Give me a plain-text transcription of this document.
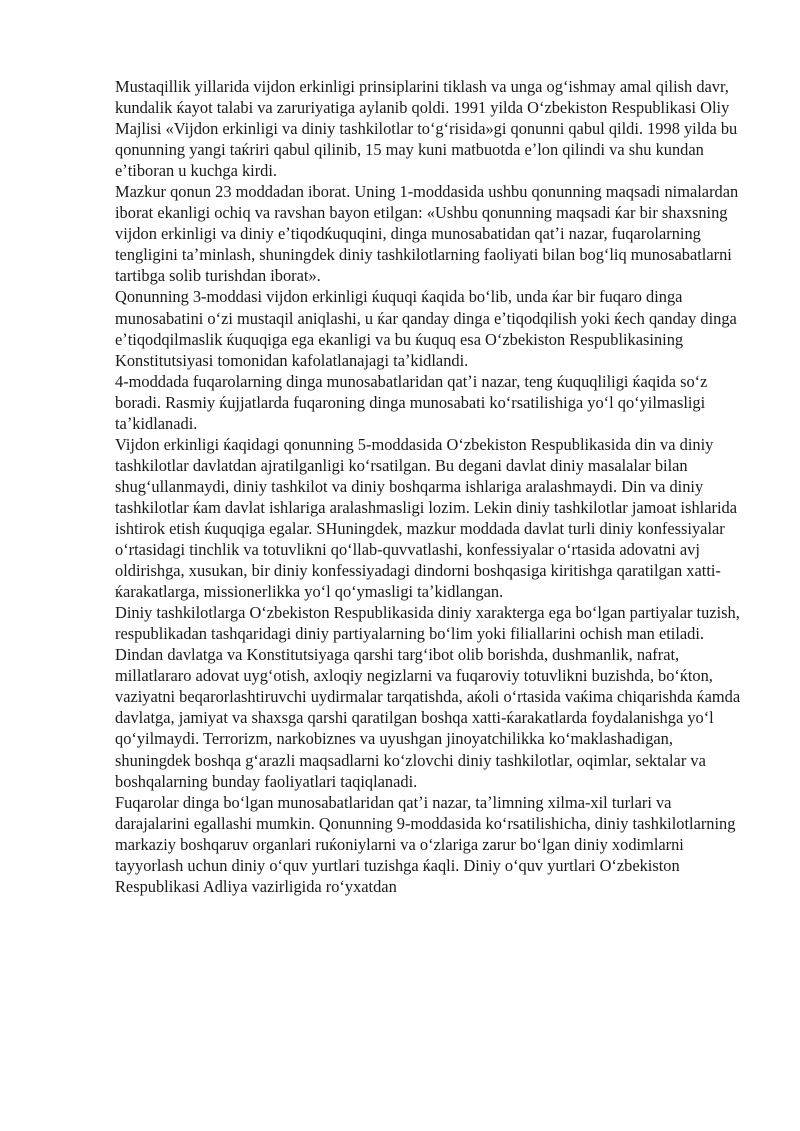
Mustaqillik yillarida vijdon erkinligi prinsiplarini tiklash va unga ogʻishmay amal qilish davr, kundalik ќayot talabi va zaruriyatiga aylanib qoldi. 1991 yilda Oʻzbekiston Respublikasi Oliy Majlisi «Vijdon erkinligi va diniy tashkilotlar toʻgʻrisida»gi qonunni qabul qildi. 1998 yilda bu qonunning yangi taќriri qabul qilinib, 15 may kuni matbuotda eʼlon qilindi va shu kundan eʼtiboran u kuchga kirdi.

Mazkur qonun 23 moddadan iborat. Uning 1-moddasida ushbu qonunning maqsadi nimalardan iborat ekanligi ochiq va ravshan bayon etilgan: «Ushbu qonunning maqsadi ќar bir shaxsning vijdon erkinligi va diniy eʼtiqodќuquqini, dinga munosabatidan qatʼi nazar, fuqarolarning tengligini taʼminlash, shuningdek diniy tashkilotlarning faoliyati bilan bogʻliq munosabatlarni tartibga solib turishdan iborat».

Qonunning 3-moddasi vijdon erkinligi ќuquqi ќaqida boʻlib, unda ќar bir fuqaro dinga munosabatini oʻzi mustaqil aniqlashi, u ќar qanday dinga eʼtiqodqilish yoki ќech qanday dinga eʼtiqodqilmaslik ќuquqiga ega ekanligi va bu ќuquq esa Oʻzbekiston Respublikasining Konstitutsiyasi tomonidan kafolatlanajagi taʼkidlandi.

4-moddada fuqarolarning dinga munosabatlaridan qatʼi nazar, teng ќuquqliligi ќaqida soʻz boradi. Rasmiy ќujjatlarda fuqaroning dinga munosabati koʻrsatilishiga yoʻl qoʻyilmasligi taʼkidlanadi.

Vijdon erkinligi ќaqidagi qonunning 5-moddasida Oʻzbekiston Respublikasida din va diniy tashkilotlar davlatdan ajratilganligi koʻrsatilgan. Bu degani davlat diniy masalalar bilan shugʻullanmaydi, diniy tashkilot va diniy boshqarma ishlariga aralashmaydi. Din va diniy tashkilotlar ќam davlat ishlariga aralashmasligi lozim. Lekin diniy tashkilotlar jamoat ishlarida ishtirok etish ќuquqiga egalar. SHuningdek, mazkur moddada davlat turli diniy konfessiyalar oʻrtasidagi tinchlik va totuvlikni qoʻllab-quvvatlashi, konfessiyalar oʻrtasida adovatni avj oldirishga, xusukan, bir diniy konfessiyadagi dindorni boshqasiga kiritishga qaratilgan xatti-ќarakatlarga, missionerlikka yoʻl qoʻymasligi taʼkidlangan.

Diniy tashkilotlarga Oʻzbekiston Respublikasida diniy xarakterga ega boʻlgan partiyalar tuzish, respublikadan tashqaridagi diniy partiyalarning boʻlim yoki filiallarini ochish man etiladi.

Dindan davlatga va Konstitutsiyaga qarshi targʻibot olib borishda, dushmanlik, nafrat, millatlararo adovat uygʻotish, axloqiy negizlarni va fuqaroviy totuvlikni buzishda, boʻќton, vaziyatni beqarorlashtiruvchi uydirmalar tarqatishda, aќoli oʻrtasida vaќima chiqarishda ќamda davlatga, jamiyat va shaxsga qarshi qaratilgan boshqa xatti-ќarakatlarda foydalanishga yoʻl qoʻyilmaydi. Terrorizm, narkobiznes va uyushgan jinoyatchilikka koʻmaklashadigan, shuningdek boshqa gʻarazli maqsadlarni koʻzlovchi diniy tashkilotlar, oqimlar, sektalar va boshqalarning bunday faoliyatlari taqiqlanadi.

Fuqarolar dinga boʻlgan munosabatlaridan qatʼi nazar, taʼlimning xilma-xil turlari va darajalarini egallashi mumkin. Qonunning 9-moddasida koʻrsatilishicha, diniy tashkilotlarning markaziy boshqaruv organlari ruќoniylarni va oʻzlariga zarur boʻlgan diniy xodimlarni tayyorlash uchun diniy oʻquv yurtlari tuzishga ќaqli. Diniy oʻquv yurtlari Oʻzbekiston Respublikasi Adliya vazirligida roʻyxatdan
